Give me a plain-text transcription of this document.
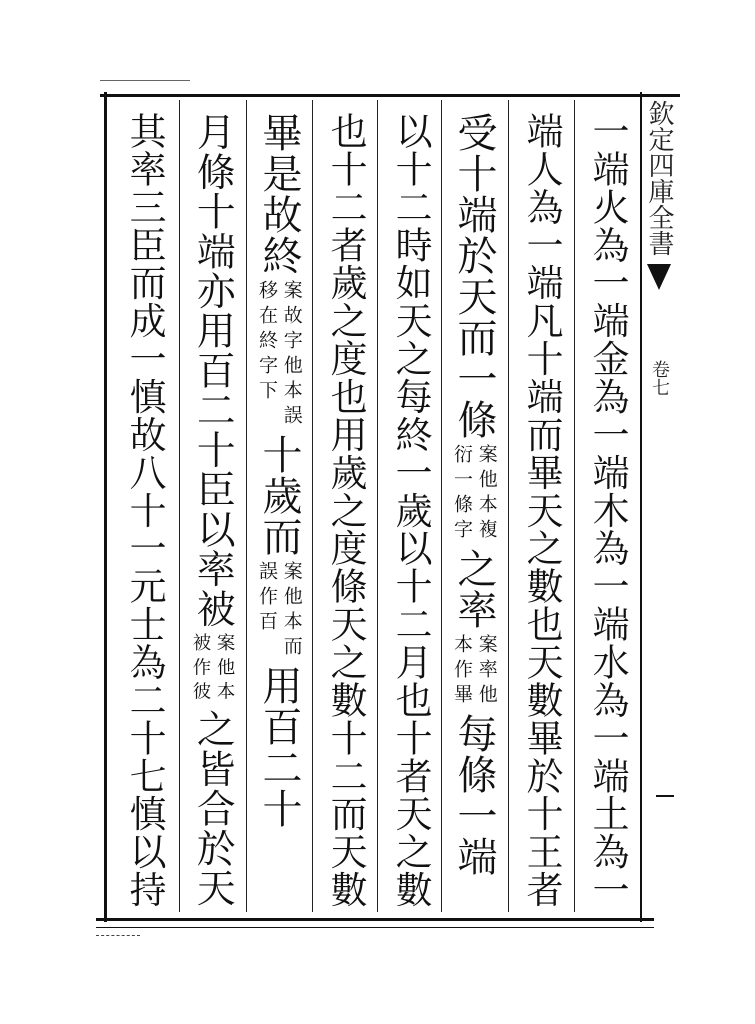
一端火為一端金為一端木為一端水為一端土為一
端人為一端凡十端而畢天之數也天數畢於十王者
受十端於天而一條
案他本複
衍一條字
之率
案率他
本作畢
每條一端
以十二時如天之每終一歲以十二月也十者天之數
也十二者歲之度也用歲之度條天之數十二而天數
畢是故終
案故字他本誤
移在終字下
十歲而
案他本而
誤作百
用百二十
月條十端亦用百二十臣以率被
案他本
被作彼
之皆合於天
其率三臣而成一慎故八十一元士為二十七慎以持	欽定四庫全書
卷七
